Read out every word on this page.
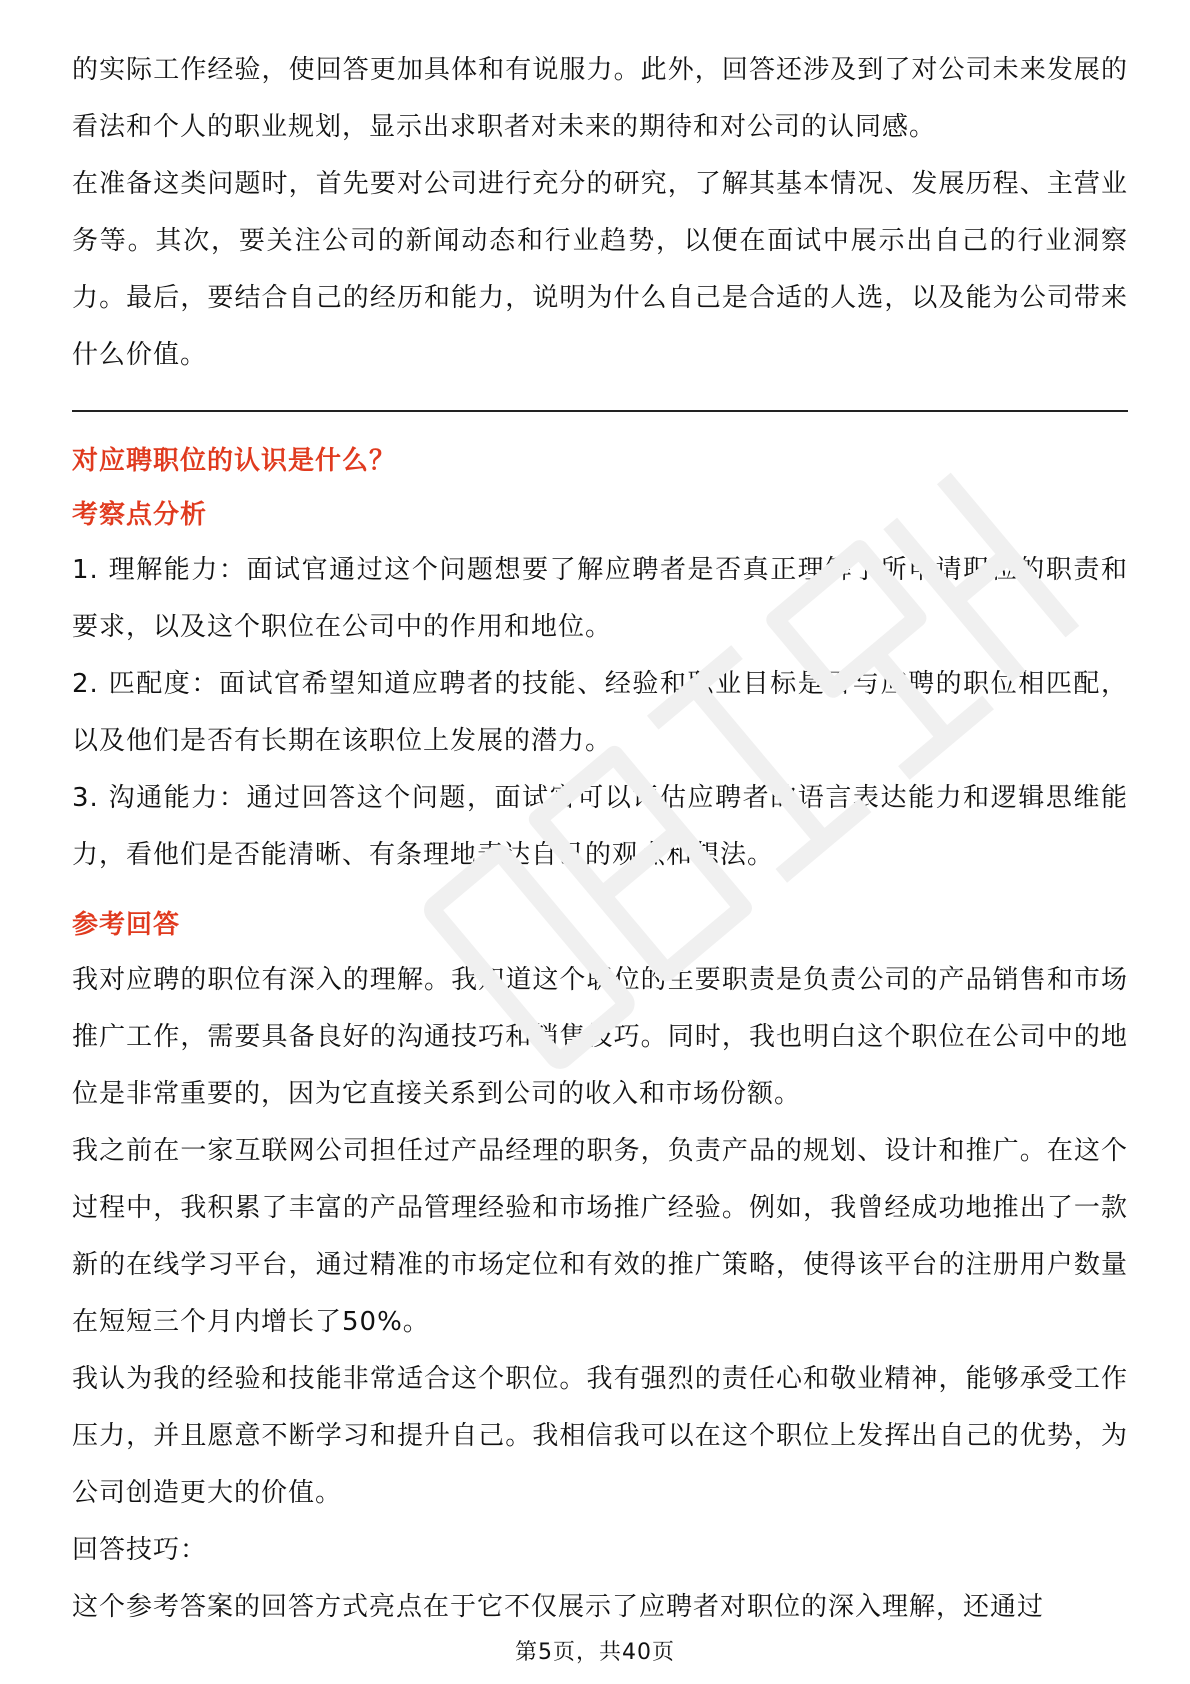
的实际工作经验，使回答更加具体和有说服力。此外，回答还涉及到了对公司未来发展的看法和个人的职业规划，显示出求职者对未来的期待和对公司的认同感。

在准备这类问题时，首先要对公司进行充分的研究，了解其基本情况、发展历程、主营业务等。其次，要关注公司的新闻动态和行业趋势，以便在面试中展示出自己的行业洞察力。最后，要结合自己的经历和能力，说明为什么自己是合适的人选，以及能为公司带来什么价值。

对应聘职位的认识是什么？
考察点分析

1. 理解能力：面试官通过这个问题想要了解应聘者是否真正理解了所申请职位的职责和要求，以及这个职位在公司中的作用和地位。

2. 匹配度：面试官希望知道应聘者的技能、经验和职业目标是否与应聘的职位相匹配，以及他们是否有长期在该职位上发展的潜力。

3. 沟通能力：通过回答这个问题，面试官可以评估应聘者的语言表达能力和逻辑思维能力，看他们是否能清晰、有条理地表达自己的观点和想法。

参考回答

我对应聘的职位有深入的理解。我知道这个职位的主要职责是负责公司的产品销售和市场推广工作，需要具备良好的沟通技巧和销售技巧。同时，我也明白这个职位在公司中的地位是非常重要的，因为它直接关系到公司的收入和市场份额。

我之前在一家互联网公司担任过产品经理的职务，负责产品的规划、设计和推广。在这个过程中，我积累了丰富的产品管理经验和市场推广经验。例如，我曾经成功地推出了一款新的在线学习平台，通过精准的市场定位和有效的推广策略，使得该平台的注册用户数量在短短三个月内增长了50%。

我认为我的经验和技能非常适合这个职位。我有强烈的责任心和敬业精神，能够承受工作压力，并且愿意不断学习和提升自己。我相信我可以在这个职位上发挥出自己的优势，为公司创造更大的价值。

回答技巧：

这个参考答案的回答方式亮点在于它不仅展示了应聘者对职位的深入理解，还通过

第5页，共40页
